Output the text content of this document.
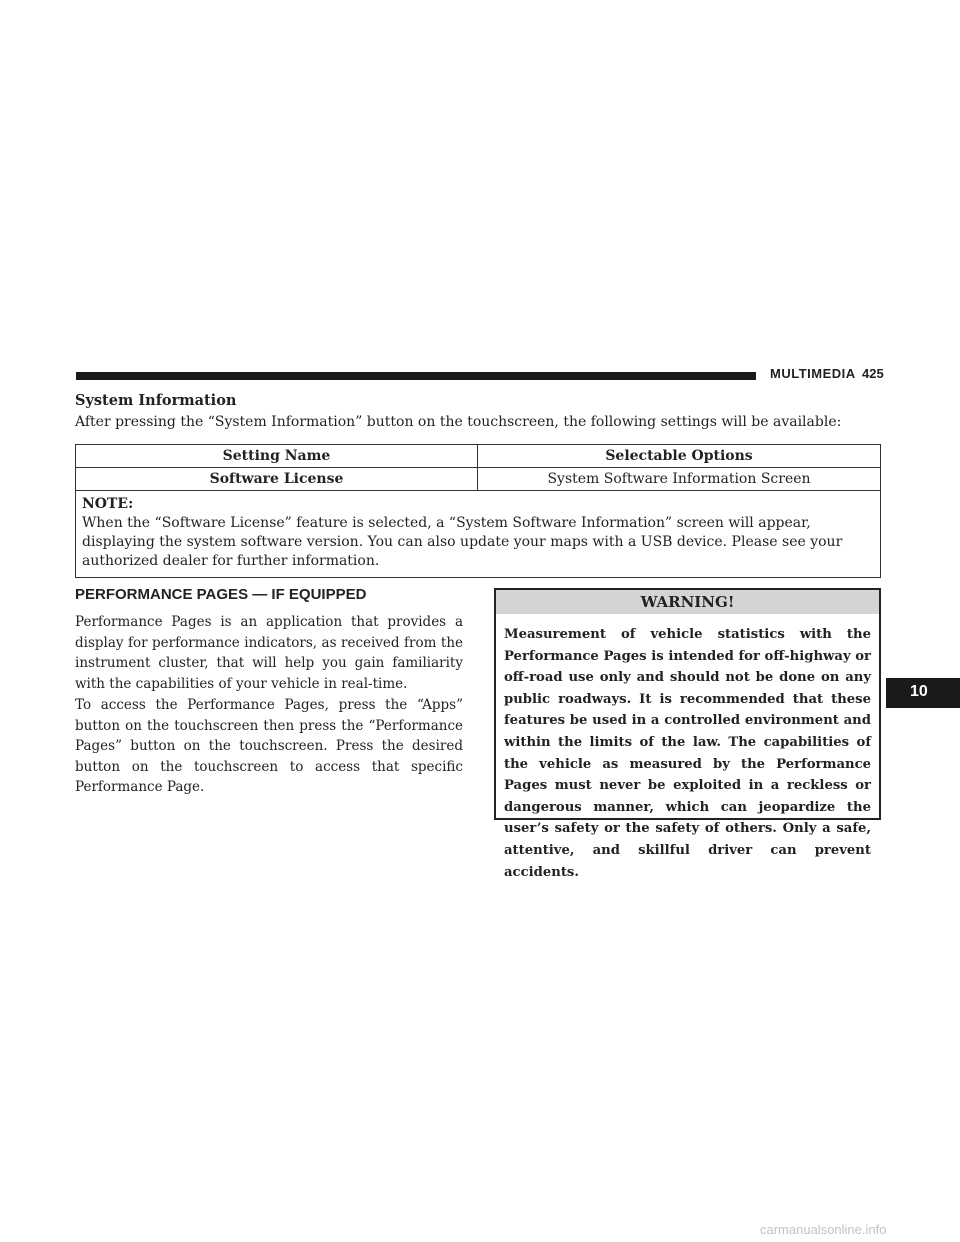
MULTIMEDIA 425
System Information
After pressing the “System Information” button on the touchscreen, the following settings will be available:
Setting Name	Selectable Options
Software License	System Software Information Screen
NOTE:
When the “Software License” feature is selected, a “System Software Information” screen will appear, displaying the system software version. You can also update your maps with a USB device. Please see your authorized dealer for further information.
PERFORMANCE PAGES — IF EQUIPPED

Performance Pages is an application that provides a display for performance indicators, as received from the instrument cluster, that will help you gain familiarity with the capabilities of your vehicle in real-time.

To access the Performance Pages, press the “Apps” button on the touchscreen then press the “Performance Pages” button on the touchscreen. Press the desired button on the touchscreen to access that specific Performance Page.

WARNING!

Measurement of vehicle statistics with the Performance Pages is intended for off-highway or off-road use only and should not be done on any public roadways. It is recommended that these features be used in a controlled environment and within the limits of the law. The capabilities of the vehicle as measured by the Performance Pages must never be exploited in a reckless or dangerous manner, which can jeopardize the user’s safety or the safety of others. Only a safe, attentive, and skillful driver can prevent accidents.

10
carmanualsonline.info
